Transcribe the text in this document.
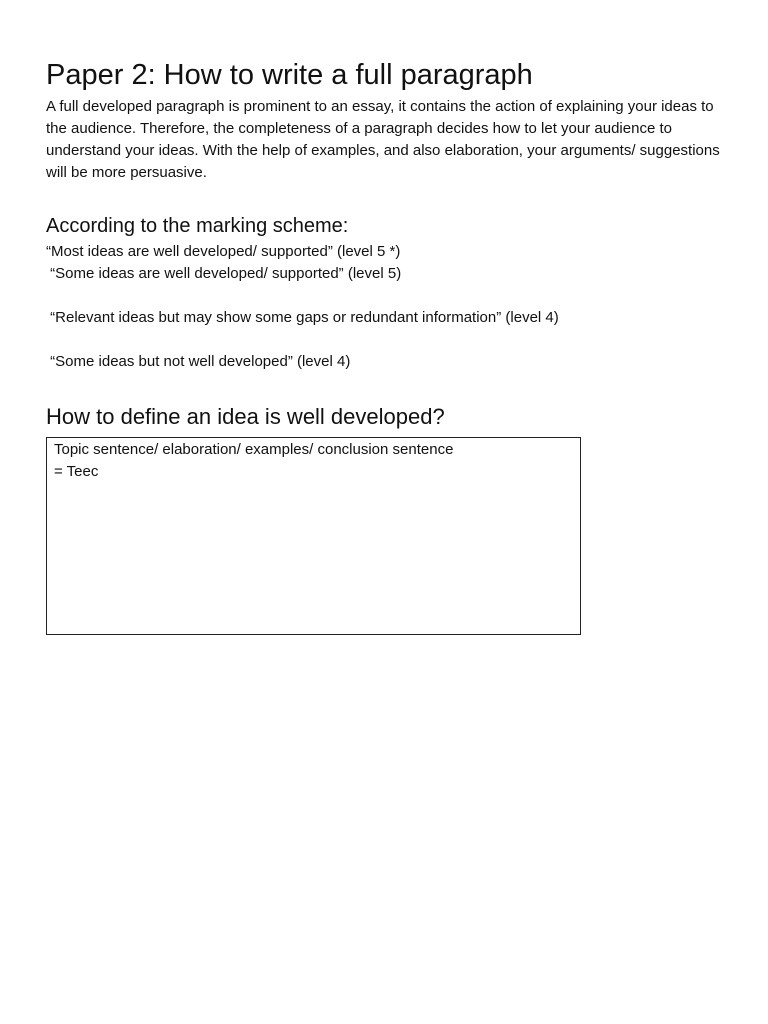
Paper 2: How to write a full paragraph

A full developed paragraph is prominent to an essay, it contains the action of explaining your ideas to the audience. Therefore, the completeness of a paragraph decides how to let your audience to understand your ideas. With the help of examples, and also elaboration, your arguments/ suggestions will be more persuasive.

According to the marking scheme:

“Most ideas are well developed/ supported” (level 5 *)

“Some ideas are well developed/ supported” (level 5)

“Relevant ideas but may show some gaps or redundant information” (level 4)

“Some ideas but not well developed” (level 4)

How to define an idea is well developed?

Topic sentence/ elaboration/ examples/ conclusion sentence

= Teec
